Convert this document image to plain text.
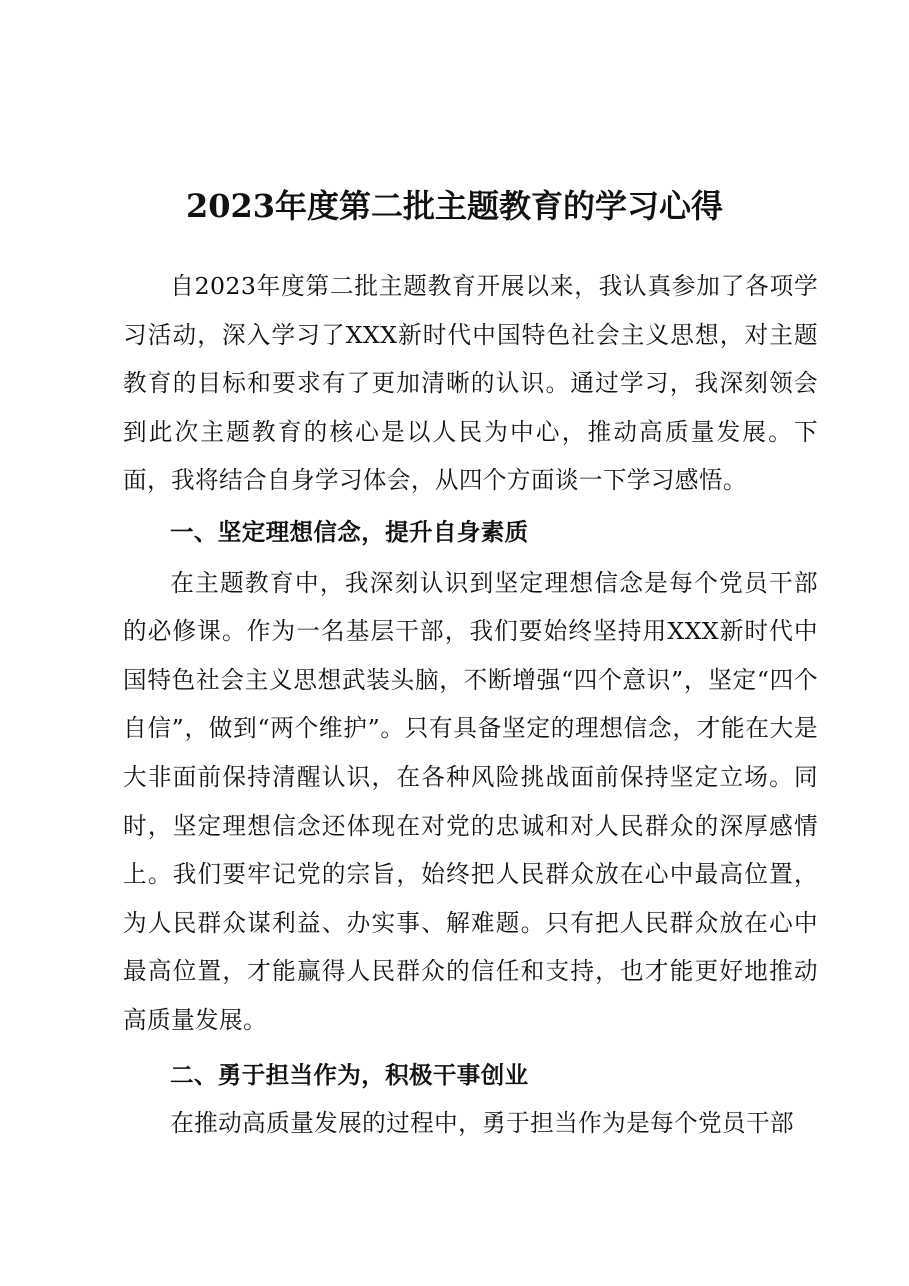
2023年度第二批主题教育的学习心得

自2023年度第二批主题教育开展以来，我认真参加了各项学习活动，深入学习了XXX新时代中国特色社会主义思想，对主题教育的目标和要求有了更加清晰的认识。通过学习，我深刻领会到此次主题教育的核心是以人民为中心，推动高质量发展。下面，我将结合自身学习体会，从四个方面谈一下学习感悟。

一、坚定理想信念，提升自身素质

在主题教育中，我深刻认识到坚定理想信念是每个党员干部的必修课。作为一名基层干部，我们要始终坚持用XXX新时代中国特色社会主义思想武装头脑，不断增强“四个意识”，坚定“四个自信”，做到“两个维护”。只有具备坚定的理想信念，才能在大是大非面前保持清醒认识，在各种风险挑战面前保持坚定立场。同时，坚定理想信念还体现在对党的忠诚和对人民群众的深厚感情上。我们要牢记党的宗旨，始终把人民群众放在心中最高位置，为人民群众谋利益、办实事、解难题。只有把人民群众放在心中最高位置，才能赢得人民群众的信任和支持，也才能更好地推动高质量发展。

二、勇于担当作为，积极干事创业

在推动高质量发展的过程中，勇于担当作为是每个党员干部
